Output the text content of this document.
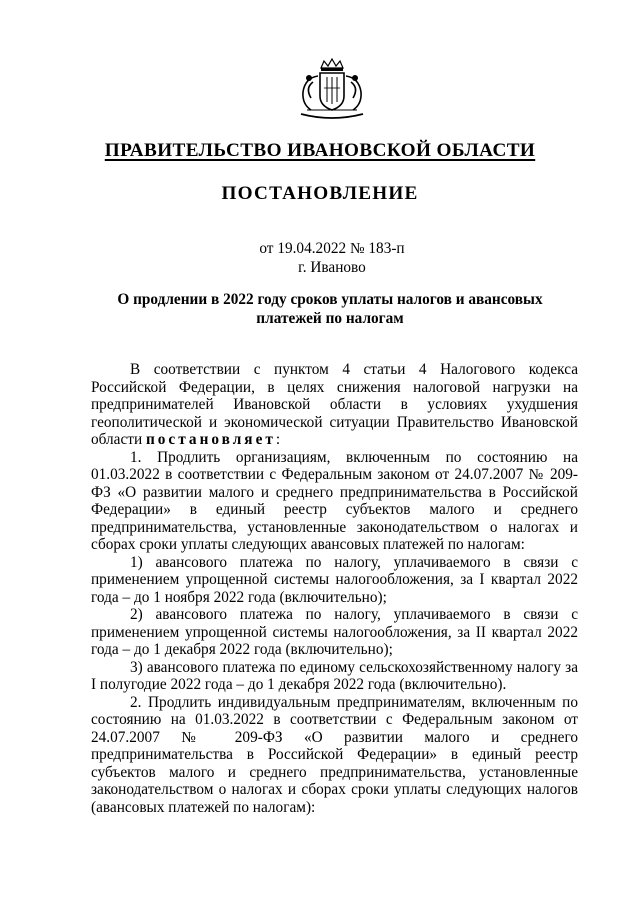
ПРАВИТЕЛЬСТВО ИВАНОВСКОЙ ОБЛАСТИ
ПОСТАНОВЛЕНИЕ
от 19.04.2022 № 183-п
г. Иваново
О продлении в 2022 году сроков уплаты налогов и авансовых платежей по налогам

В соответствии с пунктом 4 статьи 4 Налогового кодекса Российской Федерации, в целях снижения налоговой нагрузки на предпринимателей Ивановской области в условиях ухудшения геополитической и экономической ситуации Правительство Ивановской области постановляет:

1. Продлить организациям, включенным по состоянию на 01.03.2022 в соответствии с Федеральным законом от 24.07.2007 № 209-ФЗ «О развитии малого и среднего предпринимательства в Российской Федерации» в единый реестр субъектов малого и среднего предпринимательства, установленные законодательством о налогах и сборах сроки уплаты следующих авансовых платежей по налогам:

1) авансового платежа по налогу, уплачиваемого в связи с применением упрощенной системы налогообложения, за I квартал 2022 года – до 1 ноября 2022 года (включительно);

2) авансового платежа по налогу, уплачиваемого в связи с применением упрощенной системы налогообложения, за II квартал 2022 года – до 1 декабря 2022 года (включительно);

3) авансового платежа по единому сельскохозяйственному налогу за I полугодие 2022 года – до 1 декабря 2022 года (включительно).

2. Продлить индивидуальным предпринимателям, включенным по состоянию на 01.03.2022 в соответствии с Федеральным законом от 24.07.2007 № 209-ФЗ «О развитии малого и среднего предпринимательства в Российской Федерации» в единый реестр субъектов малого и среднего предпринимательства, установленные законодательством о налогах и сборах сроки уплаты следующих налогов (авансовых платежей по налогам):
